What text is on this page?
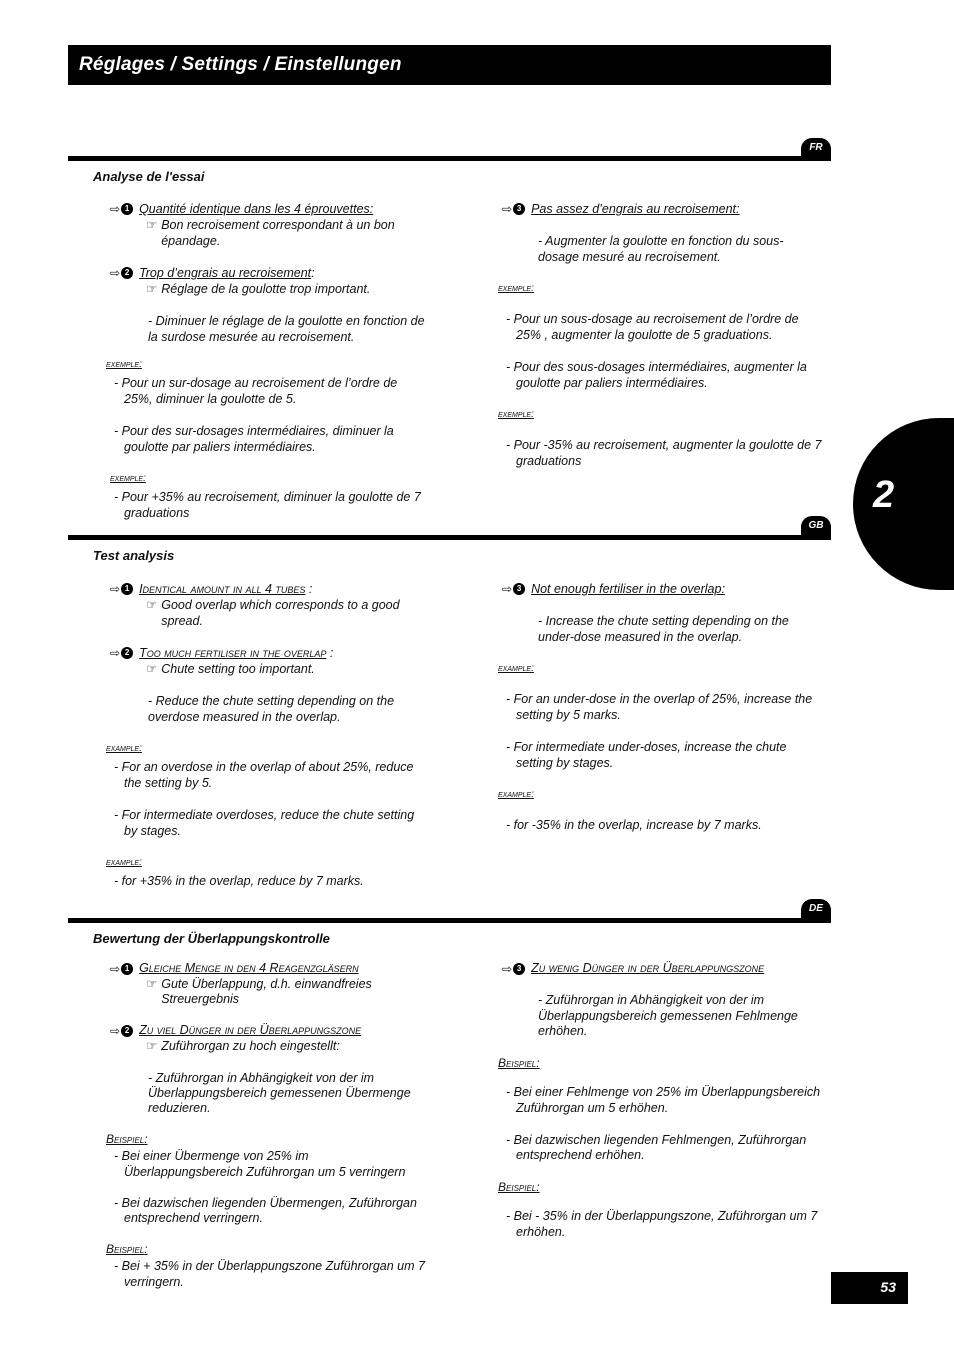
Réglages / Settings / Einstellungen
2
FR
Analyse de l'essai
⇨ 1 Quantité identique dans les 4 éprouvettes:
☞ Bon recroisement correspondant à un bon épandage.
⇨ 2 Trop d’engrais au recroisement:
☞ Réglage de la goulotte trop important.
- Diminuer le réglage de la goulotte en fonction de la surdose mesurée au recroisement.
exemple:
- Pour un sur-dosage au recroisement de l’ordre de 25%, diminuer la goulotte de 5.
- Pour des sur-dosages intermédiaires, diminuer la goulotte par paliers intermédiaires.
exemple:
- Pour +35% au recroisement, diminuer la goulotte de 7 graduations
⇨ 3 Pas assez d’engrais au recroisement:
- Augmenter la goulotte en fonction du sous-dosage mesuré au recroisement.
exemple:
- Pour un sous-dosage au recroisement de l’ordre de 25% , augmenter la goulotte de 5 graduations.
- Pour des sous-dosages intermédiaires, augmenter la goulotte par paliers intermédiaires.
exemple:
- Pour -35% au recroisement, augmenter la goulotte de 7 graduations
GB
Test analysis
⇨ 1 Identical amount in all 4 tubes :
☞ Good overlap which corresponds to a good spread.
⇨ 2 Too much fertiliser in the overlap :
☞ Chute setting too important.
- Reduce the chute setting depending on the overdose measured in the overlap.
example:
- For an overdose in the overlap of about 25%, reduce the setting by 5.
- For intermediate overdoses, reduce the chute setting by stages.
example:
- for +35% in the overlap, reduce by 7 marks.
⇨ 3 Not enough fertiliser in the overlap:
- Increase the chute setting depending on the under-dose measured in the overlap.
example:
- For an under-dose in the overlap of 25%, increase the setting by 5 marks.
- For intermediate under-doses, increase the chute setting by stages.
example:
- for -35% in the overlap, increase by 7 marks.
DE
Bewertung der Überlappungskontrolle
⇨ 1 Gleiche Menge in den 4 Reagenzgläsern
☞ Gute Überlappung, d.h. einwandfreies Streuergebnis
⇨ 2 Zu viel Dünger in der Überlappungszone
☞ Zuführorgan zu hoch eingestellt:
- Zuführorgan in Abhängigkeit von der im Überlappungsbereich gemessenen Übermenge reduzieren.
Beispiel:
- Bei einer Übermenge von 25% im Überlappungsbereich Zuführorgan um 5 verringern
- Bei dazwischen liegenden Übermengen, Zuführorgan entsprechend verringern.
Beispiel:
- Bei + 35% in der Überlappungszone Zuführorgan um 7 verringern.
⇨ 3 Zu wenig Dünger in der Überlappungszone
- Zuführorgan in Abhängigkeit von der im Überlappungsbereich gemessenen Fehlmenge erhöhen.
Beispiel:
- Bei einer Fehlmenge von 25% im Überlappungsbereich Zuführorgan um 5 erhöhen.
- Bei dazwischen liegenden Fehlmengen, Zuführorgan entsprechend erhöhen.
Beispiel:
- Bei - 35% in der Überlappungszone, Zuführorgan um 7 erhöhen.
53
